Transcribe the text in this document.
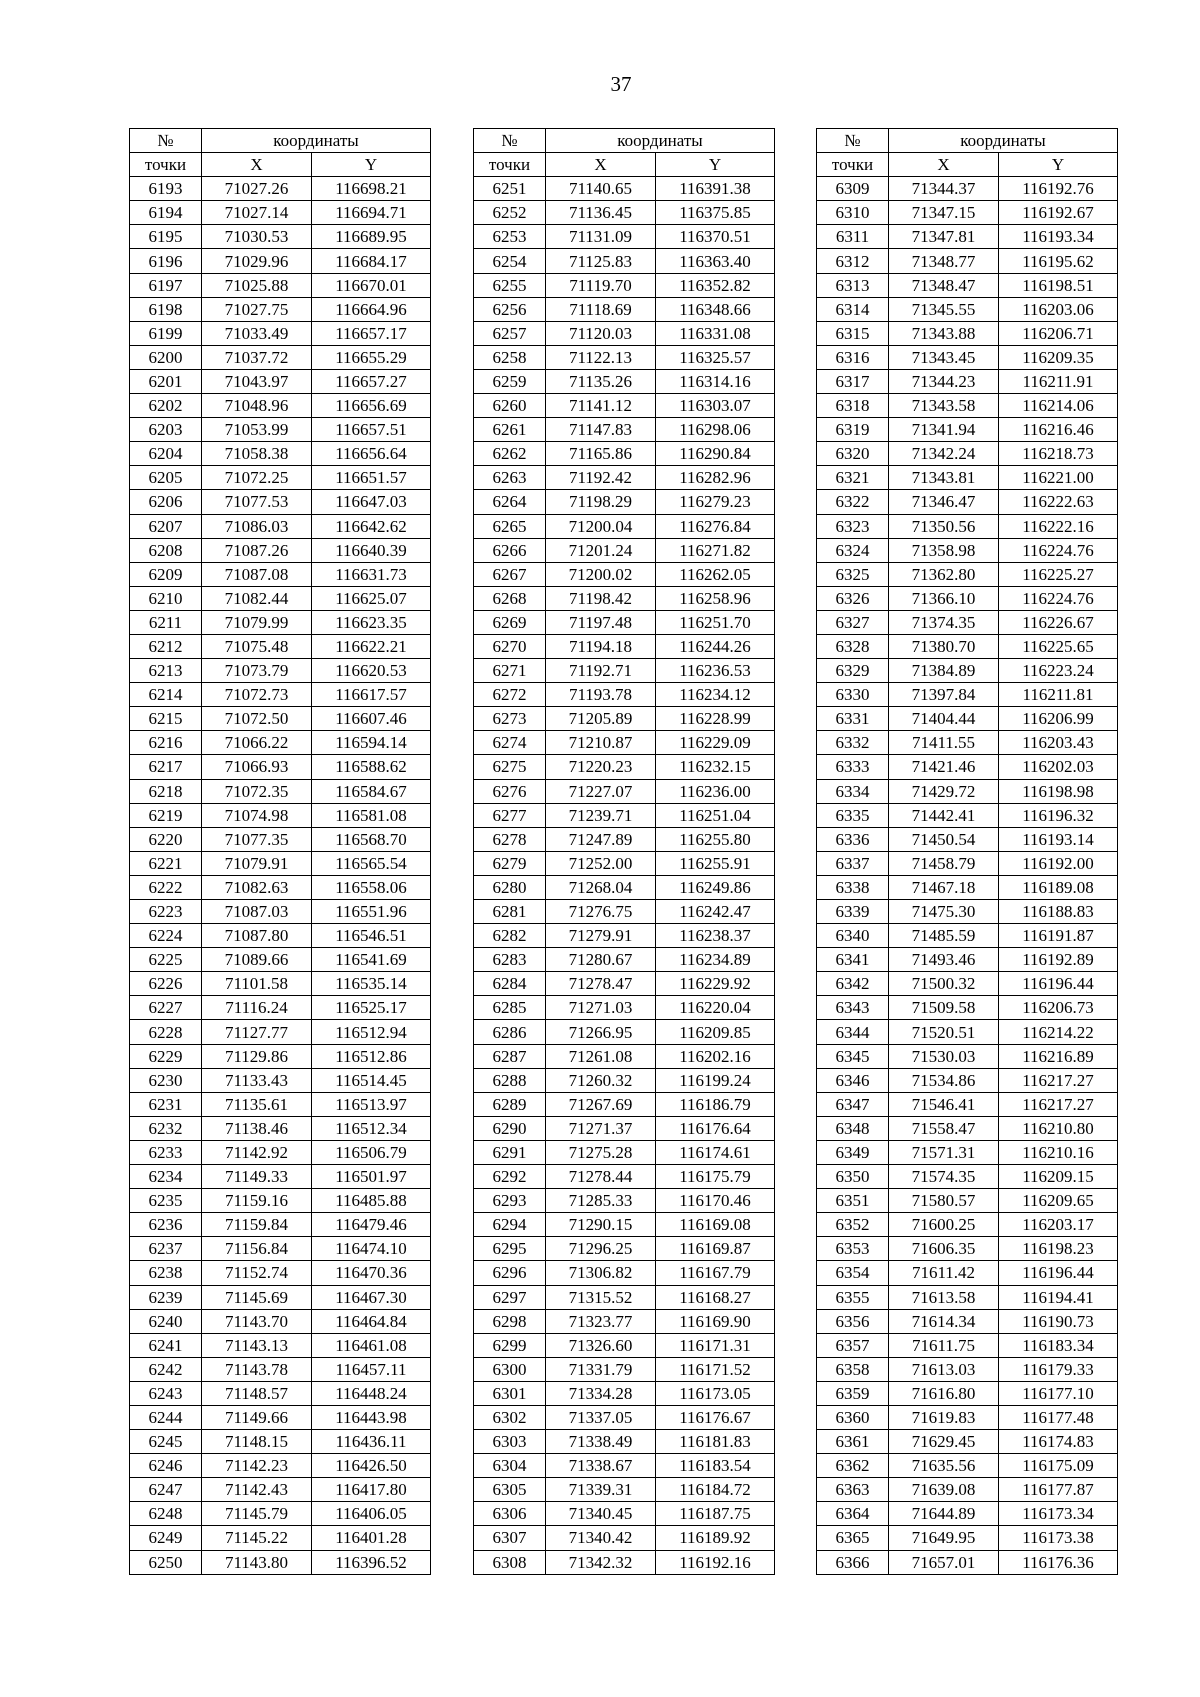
37
№	координаты	
точки	X	Y
6193	71027.26	116698.21
6194	71027.14	116694.71
6195	71030.53	116689.95
6196	71029.96	116684.17
6197	71025.88	116670.01
6198	71027.75	116664.96
6199	71033.49	116657.17
6200	71037.72	116655.29
6201	71043.97	116657.27
6202	71048.96	116656.69
6203	71053.99	116657.51
6204	71058.38	116656.64
6205	71072.25	116651.57
6206	71077.53	116647.03
6207	71086.03	116642.62
6208	71087.26	116640.39
6209	71087.08	116631.73
6210	71082.44	116625.07
6211	71079.99	116623.35
6212	71075.48	116622.21
6213	71073.79	116620.53
6214	71072.73	116617.57
6215	71072.50	116607.46
6216	71066.22	116594.14
6217	71066.93	116588.62
6218	71072.35	116584.67
6219	71074.98	116581.08
6220	71077.35	116568.70
6221	71079.91	116565.54
6222	71082.63	116558.06
6223	71087.03	116551.96
6224	71087.80	116546.51
6225	71089.66	116541.69
6226	71101.58	116535.14
6227	71116.24	116525.17
6228	71127.77	116512.94
6229	71129.86	116512.86
6230	71133.43	116514.45
6231	71135.61	116513.97
6232	71138.46	116512.34
6233	71142.92	116506.79
6234	71149.33	116501.97
6235	71159.16	116485.88
6236	71159.84	116479.46
6237	71156.84	116474.10
6238	71152.74	116470.36
6239	71145.69	116467.30
6240	71143.70	116464.84
6241	71143.13	116461.08
6242	71143.78	116457.11
6243	71148.57	116448.24
6244	71149.66	116443.98
6245	71148.15	116436.11
6246	71142.23	116426.50
6247	71142.43	116417.80
6248	71145.79	116406.05
6249	71145.22	116401.28
6250	71143.80	116396.52
№	координаты	
точки	X	Y
6251	71140.65	116391.38
6252	71136.45	116375.85
6253	71131.09	116370.51
6254	71125.83	116363.40
6255	71119.70	116352.82
6256	71118.69	116348.66
6257	71120.03	116331.08
6258	71122.13	116325.57
6259	71135.26	116314.16
6260	71141.12	116303.07
6261	71147.83	116298.06
6262	71165.86	116290.84
6263	71192.42	116282.96
6264	71198.29	116279.23
6265	71200.04	116276.84
6266	71201.24	116271.82
6267	71200.02	116262.05
6268	71198.42	116258.96
6269	71197.48	116251.70
6270	71194.18	116244.26
6271	71192.71	116236.53
6272	71193.78	116234.12
6273	71205.89	116228.99
6274	71210.87	116229.09
6275	71220.23	116232.15
6276	71227.07	116236.00
6277	71239.71	116251.04
6278	71247.89	116255.80
6279	71252.00	116255.91
6280	71268.04	116249.86
6281	71276.75	116242.47
6282	71279.91	116238.37
6283	71280.67	116234.89
6284	71278.47	116229.92
6285	71271.03	116220.04
6286	71266.95	116209.85
6287	71261.08	116202.16
6288	71260.32	116199.24
6289	71267.69	116186.79
6290	71271.37	116176.64
6291	71275.28	116174.61
6292	71278.44	116175.79
6293	71285.33	116170.46
6294	71290.15	116169.08
6295	71296.25	116169.87
6296	71306.82	116167.79
6297	71315.52	116168.27
6298	71323.77	116169.90
6299	71326.60	116171.31
6300	71331.79	116171.52
6301	71334.28	116173.05
6302	71337.05	116176.67
6303	71338.49	116181.83
6304	71338.67	116183.54
6305	71339.31	116184.72
6306	71340.45	116187.75
6307	71340.42	116189.92
6308	71342.32	116192.16
№	координаты	
точки	X	Y
6309	71344.37	116192.76
6310	71347.15	116192.67
6311	71347.81	116193.34
6312	71348.77	116195.62
6313	71348.47	116198.51
6314	71345.55	116203.06
6315	71343.88	116206.71
6316	71343.45	116209.35
6317	71344.23	116211.91
6318	71343.58	116214.06
6319	71341.94	116216.46
6320	71342.24	116218.73
6321	71343.81	116221.00
6322	71346.47	116222.63
6323	71350.56	116222.16
6324	71358.98	116224.76
6325	71362.80	116225.27
6326	71366.10	116224.76
6327	71374.35	116226.67
6328	71380.70	116225.65
6329	71384.89	116223.24
6330	71397.84	116211.81
6331	71404.44	116206.99
6332	71411.55	116203.43
6333	71421.46	116202.03
6334	71429.72	116198.98
6335	71442.41	116196.32
6336	71450.54	116193.14
6337	71458.79	116192.00
6338	71467.18	116189.08
6339	71475.30	116188.83
6340	71485.59	116191.87
6341	71493.46	116192.89
6342	71500.32	116196.44
6343	71509.58	116206.73
6344	71520.51	116214.22
6345	71530.03	116216.89
6346	71534.86	116217.27
6347	71546.41	116217.27
6348	71558.47	116210.80
6349	71571.31	116210.16
6350	71574.35	116209.15
6351	71580.57	116209.65
6352	71600.25	116203.17
6353	71606.35	116198.23
6354	71611.42	116196.44
6355	71613.58	116194.41
6356	71614.34	116190.73
6357	71611.75	116183.34
6358	71613.03	116179.33
6359	71616.80	116177.10
6360	71619.83	116177.48
6361	71629.45	116174.83
6362	71635.56	116175.09
6363	71639.08	116177.87
6364	71644.89	116173.34
6365	71649.95	116173.38
6366	71657.01	116176.36
